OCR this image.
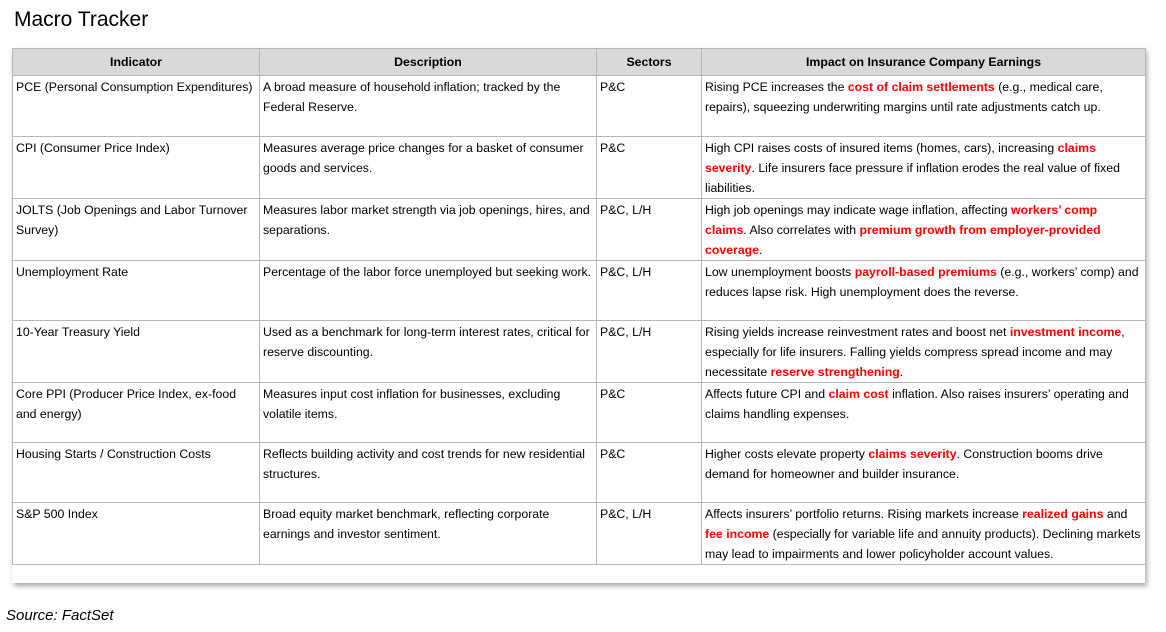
Macro Tracker
Indicator	Description	Sectors	Impact on Insurance Company Earnings
PCE (Personal Consumption Expenditures)	A broad measure of household inflation; tracked by the Federal Reserve.	P&C	Rising PCE increases the cost of claim settlements (e.g., medical care, repairs), squeezing underwriting margins until rate adjustments catch up.
CPI (Consumer Price Index)	Measures average price changes for a basket of consumer goods and services.	P&C	High CPI raises costs of insured items (homes, cars), increasing claims severity. Life insurers face pressure if inflation erodes the real value of fixed liabilities.
JOLTS (Job Openings and Labor Turnover Survey)	Measures labor market strength via job openings, hires, and separations.	P&C, L/H	High job openings may indicate wage inflation, affecting workers’ comp claims. Also correlates with premium growth from employer-provided coverage.
Unemployment Rate	Percentage of the labor force unemployed but seeking work.	P&C, L/H	Low unemployment boosts payroll-based premiums (e.g., workers’ comp) and reduces lapse risk. High unemployment does the reverse.
10-Year Treasury Yield	Used as a benchmark for long-term interest rates, critical for reserve discounting.	P&C, L/H	Rising yields increase reinvestment rates and boost net investment income, especially for life insurers. Falling yields compress spread income and may necessitate reserve strengthening.
Core PPI (Producer Price Index, ex-food and energy)	Measures input cost inflation for businesses, excluding volatile items.	P&C	Affects future CPI and claim cost inflation. Also raises insurers’ operating and claims handling expenses.
Housing Starts / Construction Costs	Reflects building activity and cost trends for new residential structures.	P&C	Higher costs elevate property claims severity. Construction booms drive demand for homeowner and builder insurance.
S&P 500 Index	Broad equity market benchmark, reflecting corporate earnings and investor sentiment.	P&C, L/H	Affects insurers’ portfolio returns. Rising markets increase realized gains and fee income (especially for variable life and annuity products). Declining markets may lead to impairments and lower policyholder account values.
Source: FactSet
